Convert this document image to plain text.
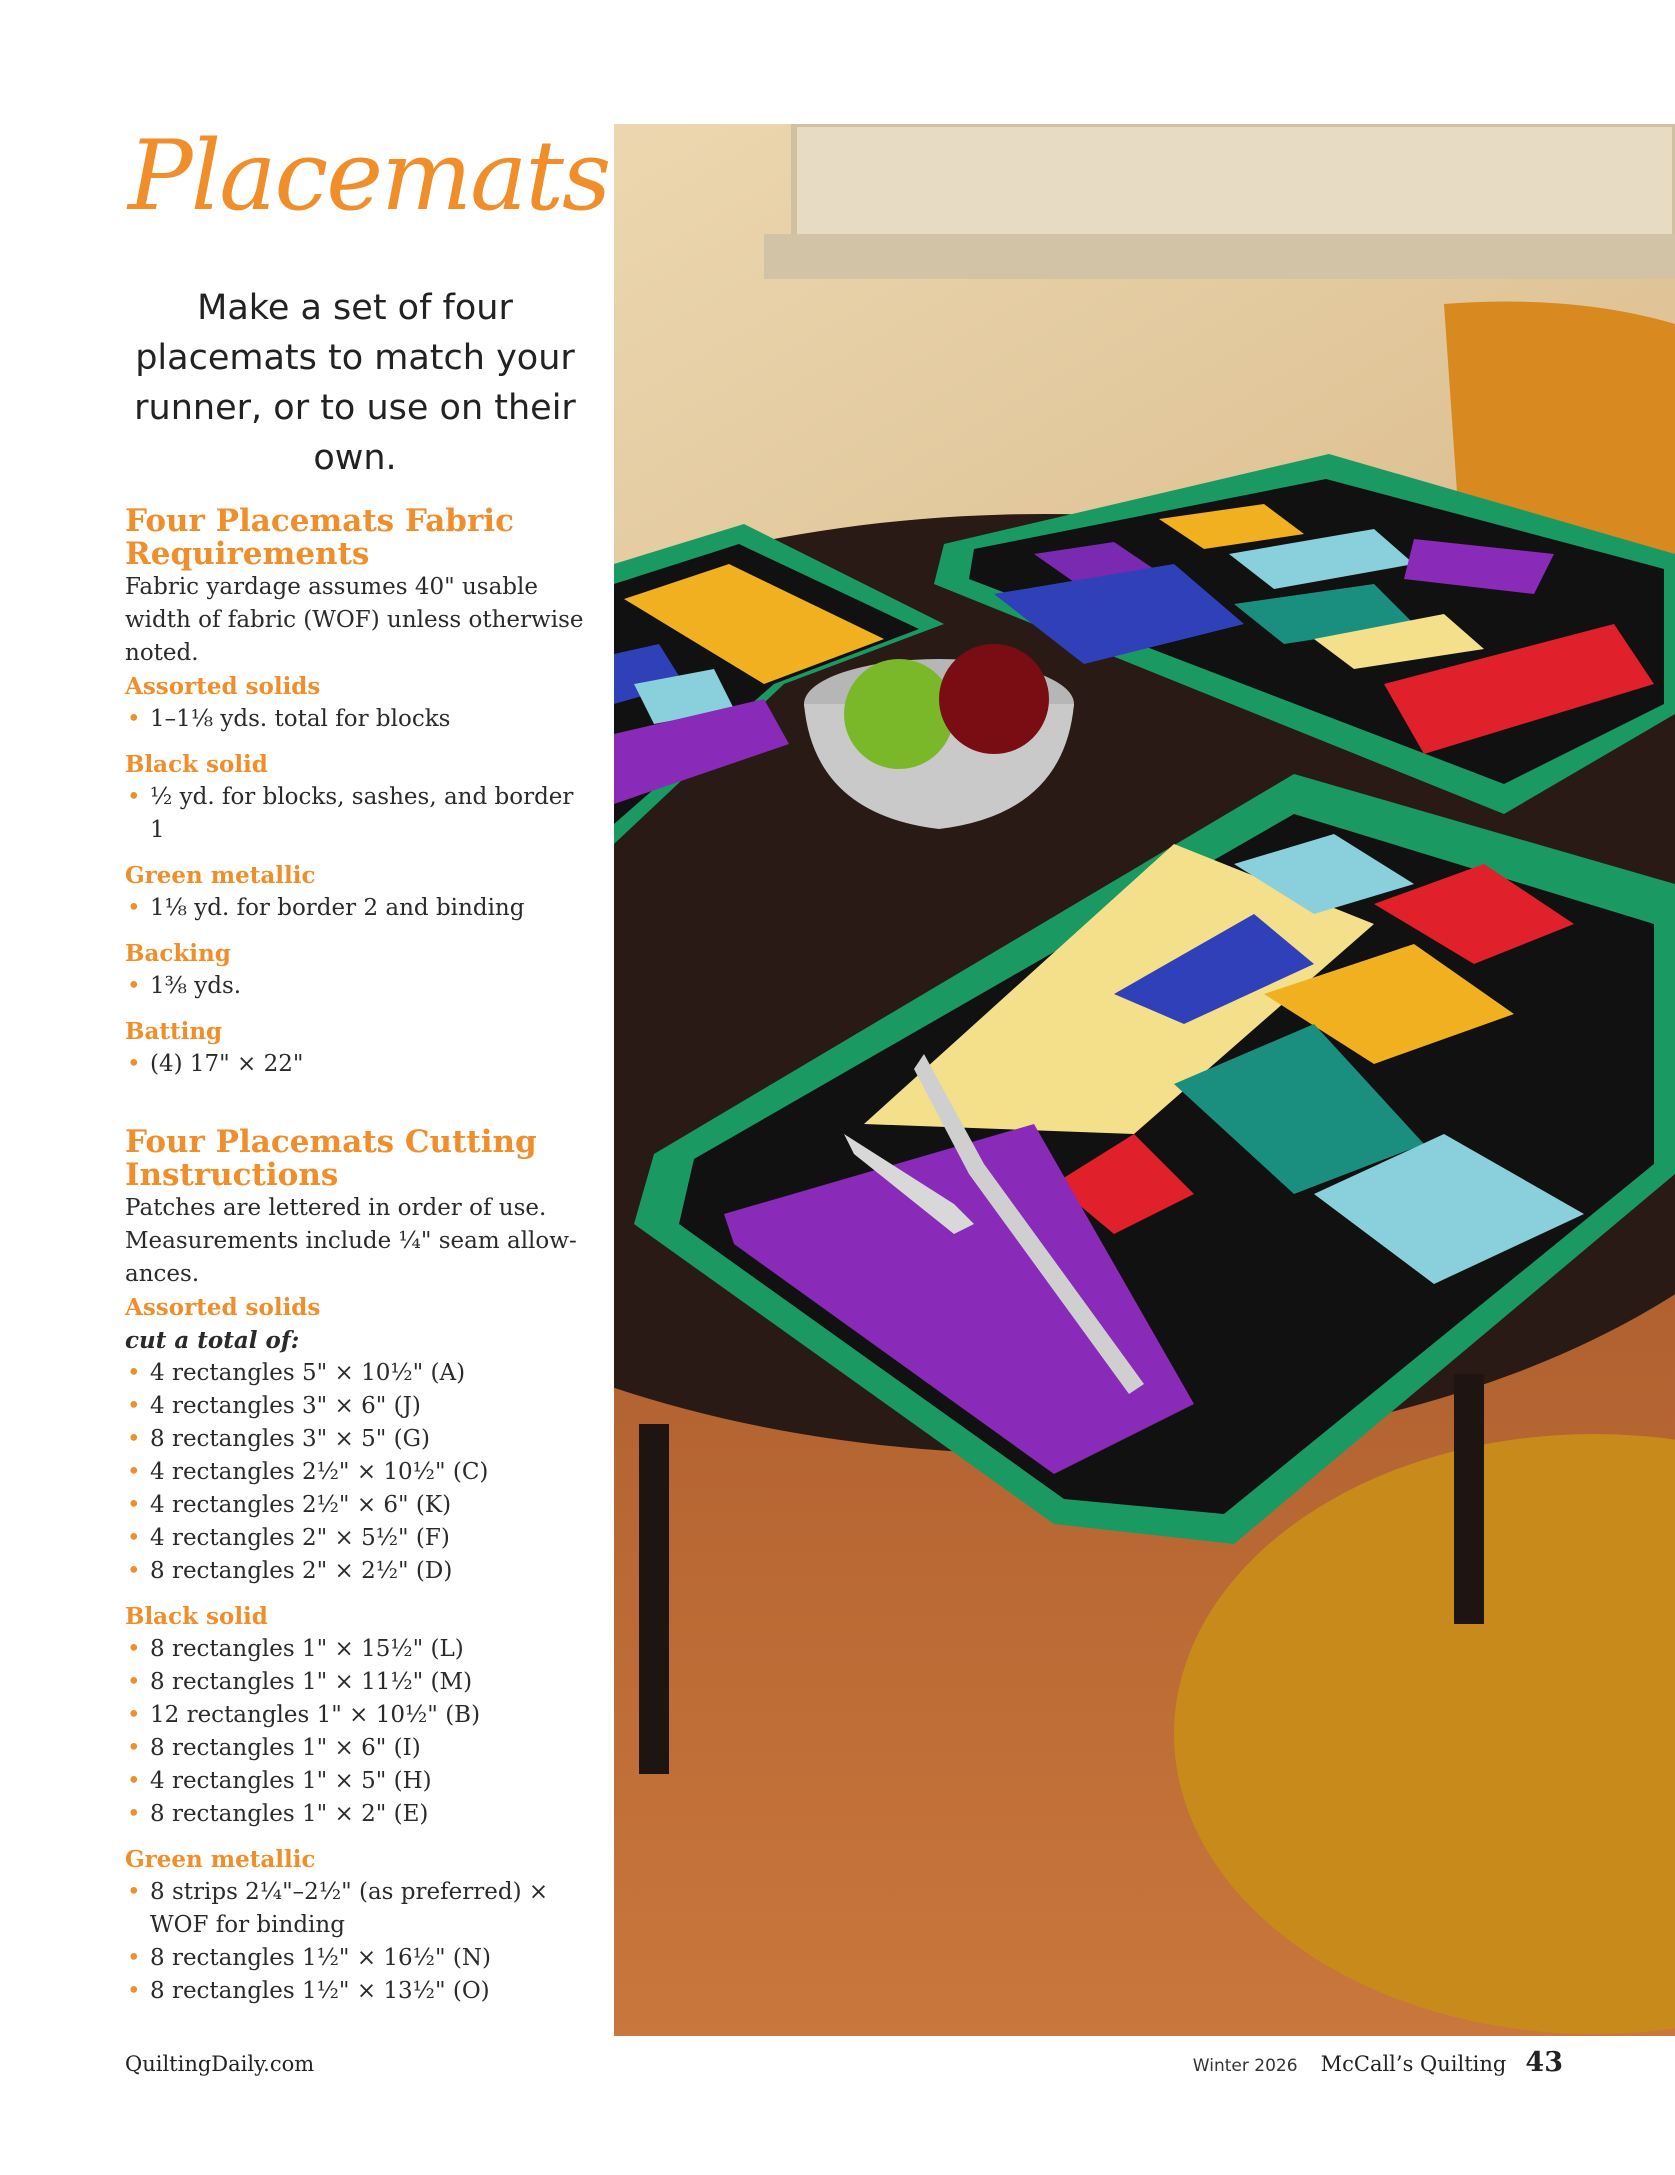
Placemats
Make a set of four placemats to match your runner, or to use on their own.
Four Placemats Fabric Requirements

Fabric yardage assumes 40" usable width of fabric (WOF) unless otherwise noted.

Assorted solids
• 1–1⅛ yds. total for blocks
Black solid
• ½ yd. for blocks, sashes, and border 1
Green metallic
• 1⅛ yd. for border 2 and binding
Backing
• 1⅜ yds.
Batting
• (4) 17" × 22"
Four Placemats Cutting Instructions

Patches are lettered in order of use. Measurements include ¼" seam allow-ances.

Assorted solids
cut a total of:
• 4 rectangles 5" × 10½" (A)
• 4 rectangles 3" × 6" (J)
• 8 rectangles 3" × 5" (G)
• 4 rectangles 2½" × 10½" (C)
• 4 rectangles 2½" × 6" (K)
• 4 rectangles 2" × 5½" (F)
• 8 rectangles 2" × 2½" (D)
Black solid
• 8 rectangles 1" × 15½" (L)
• 8 rectangles 1" × 11½" (M)
• 12 rectangles 1" × 10½" (B)
• 8 rectangles 1" × 6" (I)
• 4 rectangles 1" × 5" (H)
• 8 rectangles 1" × 2" (E)
Green metallic
• 8 strips 2¼"–2½" (as preferred) × WOF for binding
• 8 rectangles 1½" × 16½" (N)
• 8 rectangles 1½" × 13½" (O)
QuiltingDaily.com	Winter 2026 McCall’s Quilting 43
